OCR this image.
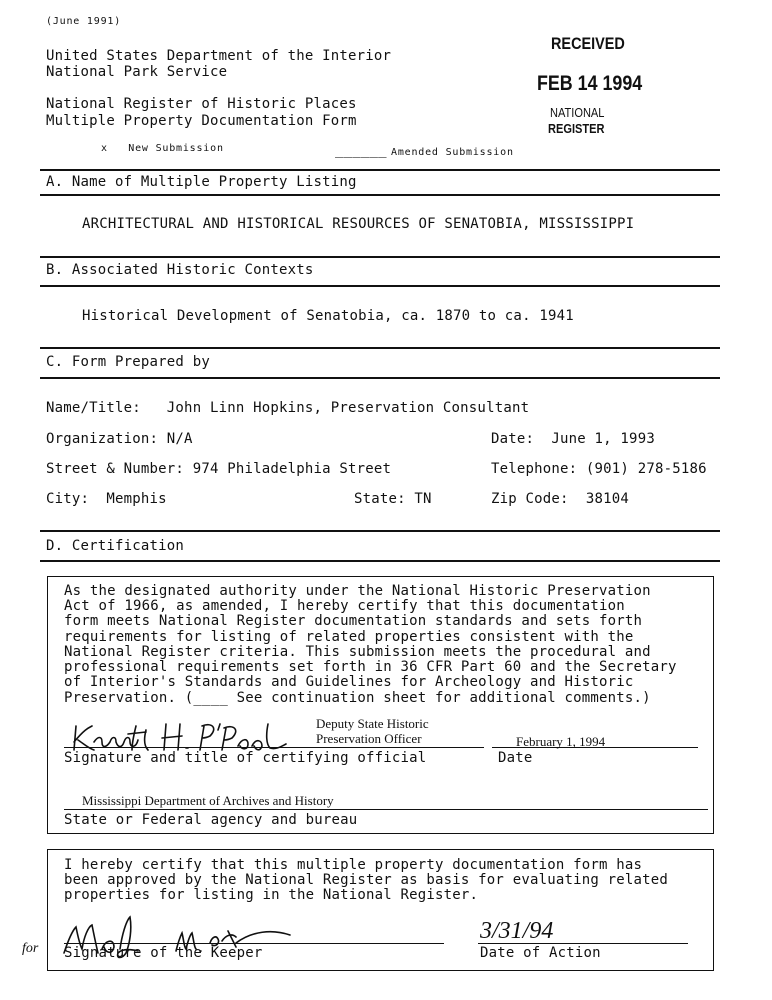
(June 1991)
United States Department of the Interior
National Park Service
National Register of Historic Places
Multiple Property Documentation Form
x   New Submission	______ Amended Submission
RECEIVED
FEB 14 1994
NATIONAL
REGISTER
A. Name of Multiple Property Listing
ARCHITECTURAL AND HISTORICAL RESOURCES OF SENATOBIA, MISSISSIPPI
B. Associated Historic Contexts
Historical Development of Senatobia, ca. 1870 to ca. 1941
C. Form Prepared by
Name/Title:   John Linn Hopkins, Preservation Consultant
Organization: N/A	Date:  June 1, 1993
Street & Number: 974 Philadelphia Street	Telephone: (901) 278-5186
City:  Memphis	State: TN	Zip Code:  38104
D. Certification
As the designated authority under the National Historic Preservation
Act of 1966, as amended, I hereby certify that this documentation
form meets National Register documentation standards and sets forth
requirements for listing of related properties consistent with the
National Register criteria. This submission meets the procedural and
professional requirements set forth in 36 CFR Part 60 and the Secretary
of Interior's Standards and Guidelines for Archeology and Historic
Preservation. (____ See continuation sheet for additional comments.)
Deputy State Historic
Preservation Officer	February 1, 1994
Signature and title of certifying official	Date
Mississippi Department of Archives and History
State or Federal agency and bureau
I hereby certify that this multiple property documentation form has
been approved by the National Register as basis for evaluating related
properties for listing in the National Register.
for Signature of the Keeper
3/31/94
Date of Action
